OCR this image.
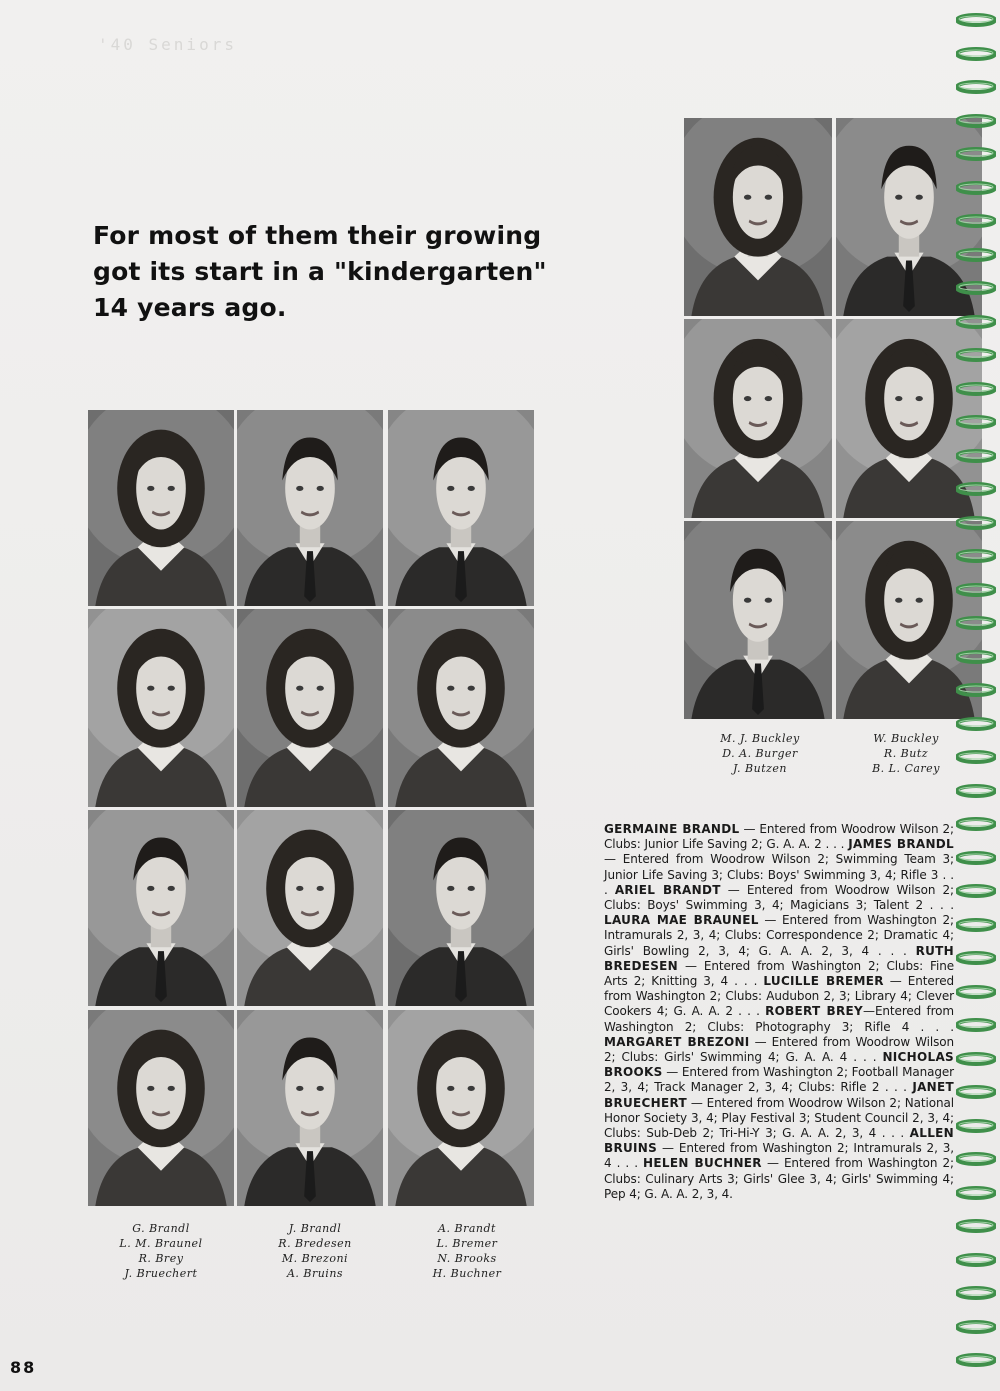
'40 Seniors
For most of them their growing
got its start in a "kindergarten"
14 years ago.
G. Brandl
L. M. Braunel
R. Brey
J. Bruechert
J. Brandl
R. Bredesen
M. Brezoni
A. Bruins
A. Brandt
L. Bremer
N. Brooks
H. Buchner
M. J. Buckley
D. A. Burger
J. Butzen
W. Buckley
R. Butz
B. L. Carey
GERMAINE BRANDL — Entered from Woodrow Wilson 2; Clubs: Junior Life Saving 2; G. A. A. 2 . . . JAMES BRANDL — Entered from Woodrow Wilson 2; Swimming Team 3; Junior Life Saving 3; Clubs: Boys' Swimming 3, 4; Rifle 3 . . . ARIEL BRANDT — Entered from Woodrow Wilson 2; Clubs: Boys' Swimming 3, 4; Magicians 3; Talent 2 . . . LAURA MAE BRAUNEL — Entered from Washington 2; Intramurals 2, 3, 4; Clubs: Correspondence 2; Dramatic 4; Girls' Bowling 2, 3, 4; G. A. A. 2, 3, 4 . . . RUTH BREDESEN — Entered from Washington 2; Clubs: Fine Arts 2; Knitting 3, 4 . . . LUCILLE BREMER — Entered from Washington 2; Clubs: Audubon 2, 3; Library 4; Clever Cookers 4; G. A. A. 2 . . . ROBERT BREY—Entered from Washington 2; Clubs: Photography 3; Rifle 4 . . . MARGARET BREZONI — Entered from Woodrow Wilson 2; Clubs: Girls' Swimming 4; G. A. A. 4 . . . NICHOLAS BROOKS — Entered from Washington 2; Football Manager 2, 3, 4; Track Manager 2, 3, 4; Clubs: Rifle 2 . . . JANET BRUECHERT — Entered from Woodrow Wilson 2; National Honor Society 3, 4; Play Festival 3; Student Council 2, 3, 4; Clubs: Sub-Deb 2; Tri-Hi-Y 3; G. A. A. 2, 3, 4 . . . ALLEN BRUINS — Entered from Washington 2; Intramurals 2, 3, 4 . . . HELEN BUCHNER — Entered from Washington 2; Clubs: Culinary Arts 3; Girls' Glee 3, 4; Girls' Swimming 4; Pep 4; G. A. A. 2, 3, 4.
88
